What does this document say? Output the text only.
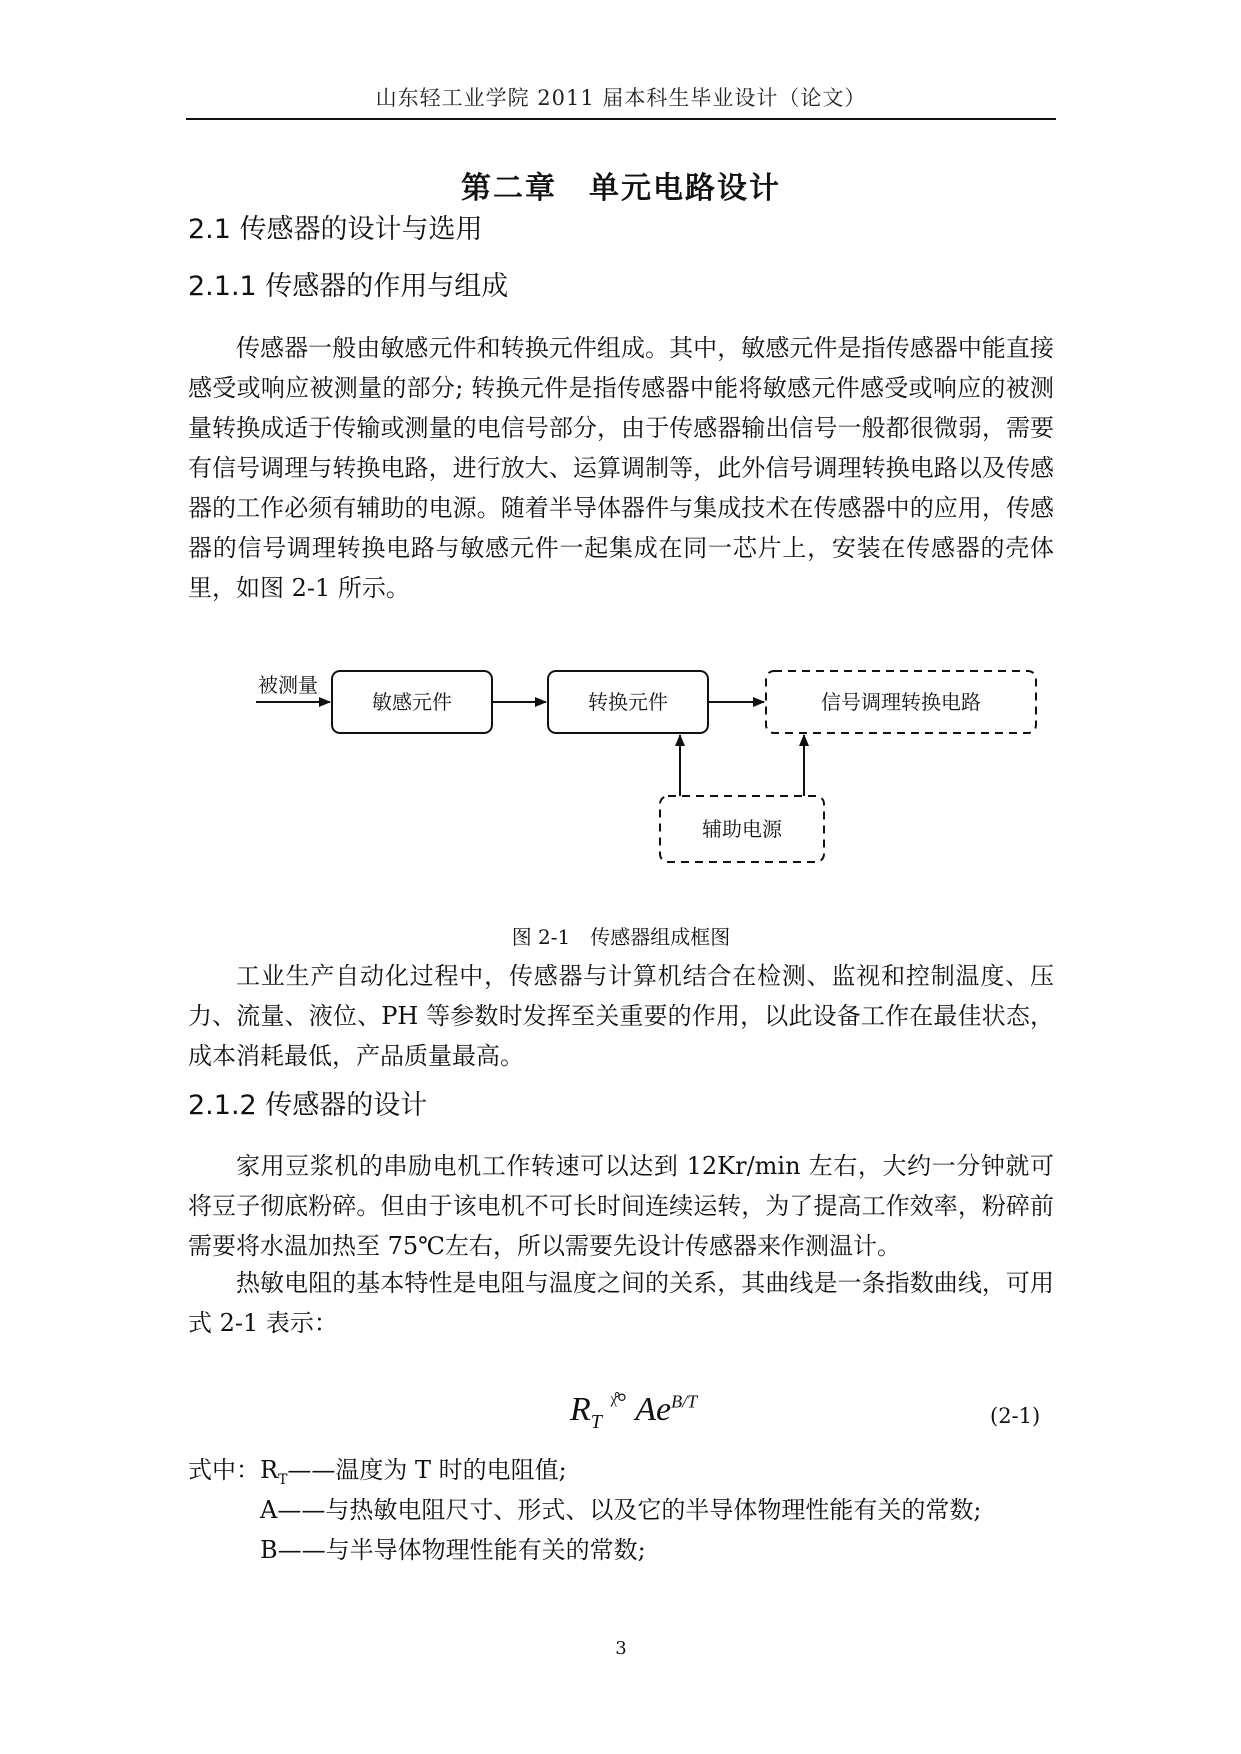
山东轻工业学院 2011 届本科生毕业设计（论文）
第二章　单元电路设计
2.1 传感器的设计与选用
2.1.1 传感器的作用与组成
传感器一般由敏感元件和转换元件组成。其中，敏感元件是指传感器中能直接感受或响应被测量的部分; 转换元件是指传感器中能将敏感元件感受或响应的被测量转换成适于传输或测量的电信号部分，由于传感器输出信号一般都很微弱，需要有信号调理与转换电路，进行放大、运算调制等，此外信号调理转换电路以及传感器的工作必须有辅助的电源。随着半导体器件与集成技术在传感器中的应用，传感器的信号调理转换电路与敏感元件一起集成在同一芯片上，安装在传感器的壳体里，如图 2-1 所示。
被测量
敏感元件	转换元件	信号调理转换电路
辅助电源
图 2-1　传感器组成框图
工业生产自动化过程中，传感器与计算机结合在检测、监视和控制温度、压力、流量、液位、PH 等参数时发挥至关重要的作用，以此设备工作在最佳状态，成本消耗最低，产品质量最高。
2.1.2 传感器的设计
家用豆浆机的串励电机工作转速可以达到 12Kr/min 左右，大约一分钟就可将豆子彻底粉碎。但由于该电机不可长时间连续运转，为了提高工作效率，粉碎前需要将水温加热至 75℃左右，所以需要先设计传感器来作测温计。
热敏电阻的基本特性是电阻与温度之间的关系，其曲线是一条指数曲线，可用式 2-1 表示：
$R_T$ $^{ᵡ̊^\circ}$ $Ae^{B/T}$
(2-1)
式中：$R_T——$温度为 T 时的电阻值;
A——与热敏电阻尺寸、形式、以及它的半导体物理性能有关的常数;
B——与半导体物理性能有关的常数;
3
